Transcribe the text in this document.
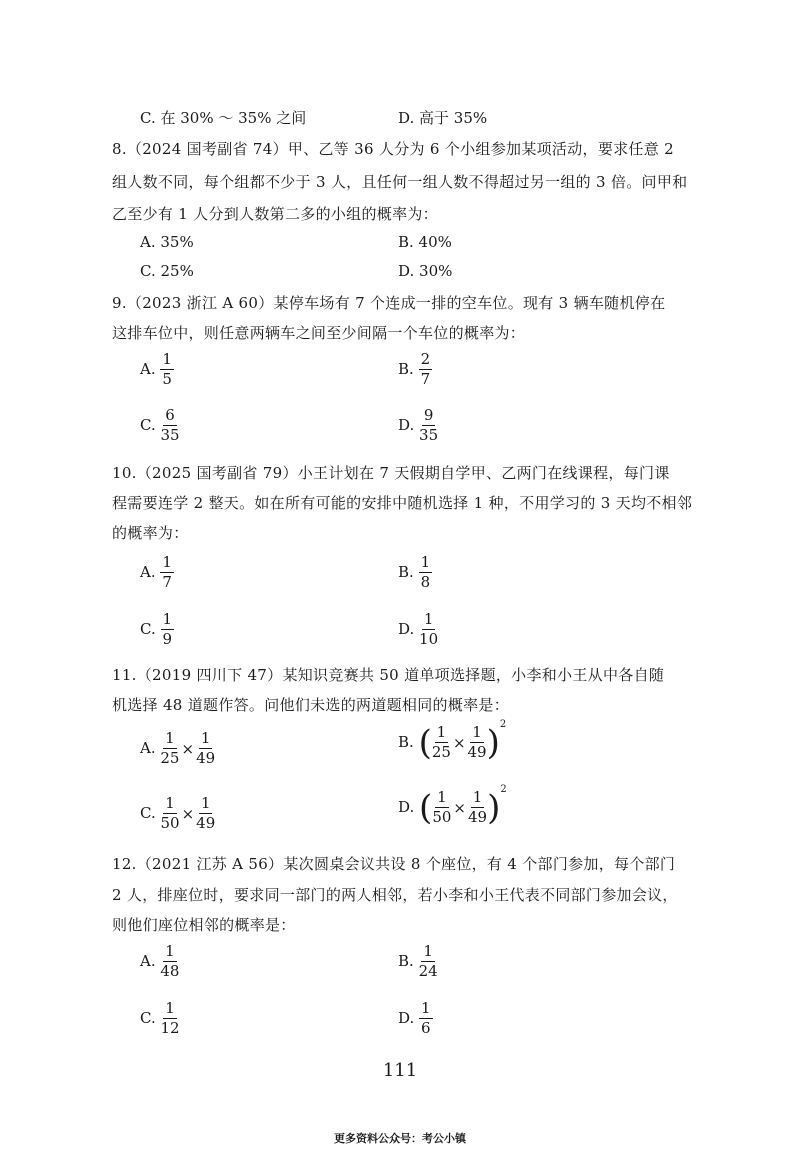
C. 在 30% ～ 35% 之间	D. 高于 35%
8.（2024 国考副省 74）甲、乙等 36 人分为 6 个小组参加某项活动，要求任意 2
组人数不同，每个组都不少于 3 人，且任何一组人数不得超过另一组的 3 倍。问甲和
乙至少有 1 人分到人数第二多的小组的概率为：
A. 35%	B. 40%
C. 25%	D. 30%
9.（2023 浙江 A 60）某停车场有 7 个连成一排的空车位。现有 3 辆车随机停在
这排车位中，则任意两辆车之间至少间隔一个车位的概率为：
A. $\frac{1}{5}$	B. $\frac{2}{7}$
C. $\frac{6}{35}$	D. $\frac{9}{35}$
10.（2025 国考副省 79）小王计划在 7 天假期自学甲、乙两门在线课程，每门课
程需要连学 2 整天。如在所有可能的安排中随机选择 1 种，不用学习的 3 天均不相邻
的概率为：
A. $\frac{1}{7}$	B. $\frac{1}{8}$
C. $\frac{1}{9}$	D. $\frac{1}{10}$
11.（2019 四川下 47）某知识竞赛共 50 道单项选择题，小李和小王从中各自随
机选择 48 道题作答。问他们未选的两道题相同的概率是：
A. $\frac{1}{25} \times \frac{1}{49}$	B. ( $\frac{1}{25} \times \frac{1}{49} )^2$
C. $\frac{1}{50} \times \frac{1}{49}$	D. ( $\frac{1}{50} \times \frac{1}{49} )^2$
12.（2021 江苏 A 56）某次圆桌会议共设 8 个座位，有 4 个部门参加，每个部门
2 人，排座位时，要求同一部门的两人相邻，若小李和小王代表不同部门参加会议，
则他们座位相邻的概率是：
A. $\frac{1}{48}$	B. $\frac{1}{24}$
C. $\frac{1}{12}$	D. $\frac{1}{6}$
111
更多资料公众号：考公小镇
